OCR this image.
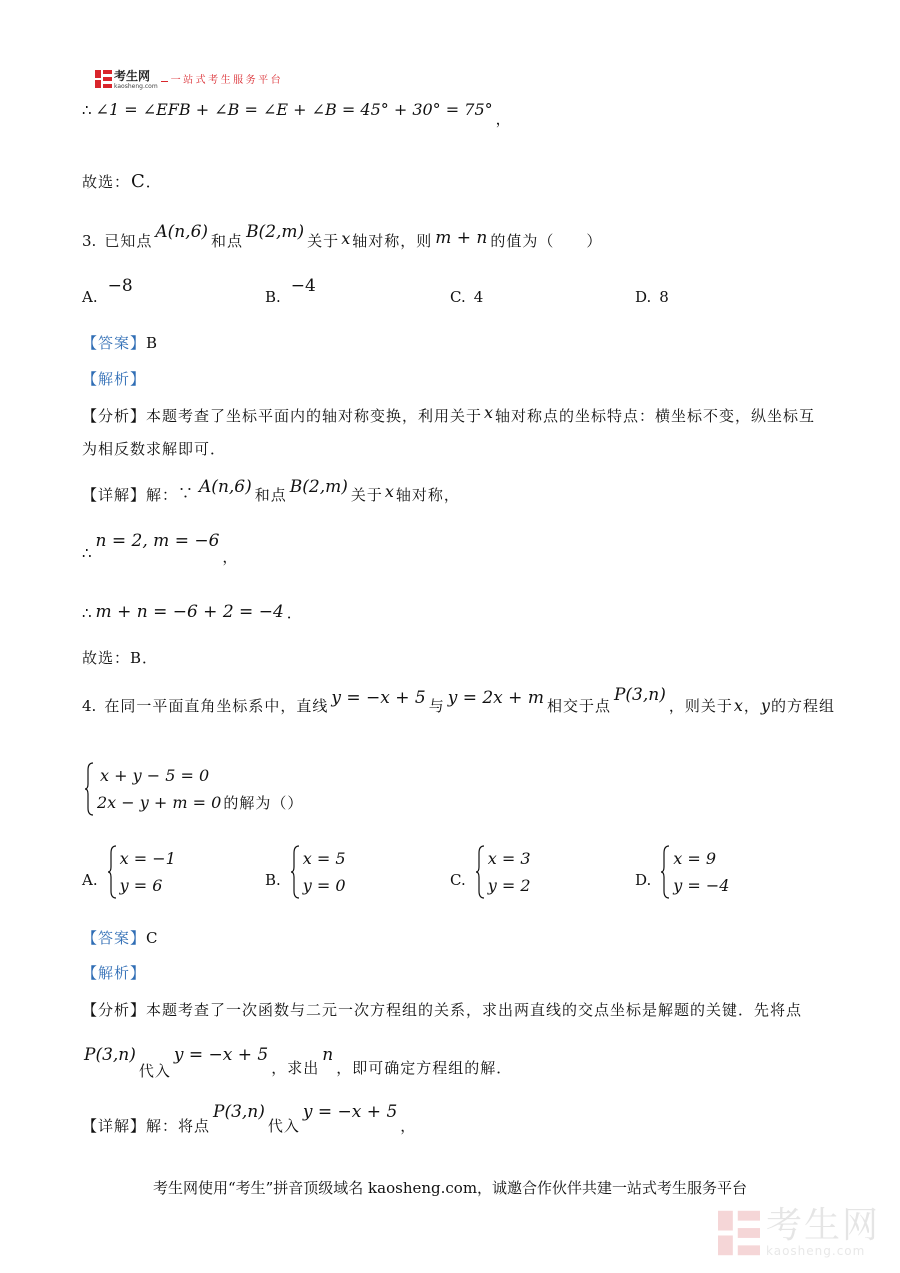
考生网
kaosheng.com
一站式考生服务平台
∴ ∠1 = ∠EFB + ∠B = ∠E + ∠B = 45° + 30° = 75° ，
故选：C．
3. 已知点 A(n,6) 和点 B(2,m) 关于 x 轴对称，则 m + n 的值为（　　）
A.−8
B.−4
C. 4	D. 8
【答案】B
【解析】
【分析】本题考查了坐标平面内的轴对称变换，利用关于 x 轴对称点的坐标特点：横坐标不变，纵坐标互
为相反数求解即可．
【详解】解：∵ A(n,6) 和点 B(2,m) 关于 x 轴对称，
∴n = 2, m = −6，
∴ m + n = −6 + 2 = −4 ．
故选：B．
4. 在同一平面直角坐标系中，直线 y = −x + 5 与 y = 2x + m 相交于点P(3,n)，则关于x，y的方程组
x + y − 5 = 0
2x − y + m = 0 的解为（）
A.
x = −1
y = 6	B.
x = 5
y = 0	C.
x = 3
y = 2	D.
x = 9
y = −4
【答案】C
【解析】
【分析】本题考查了一次函数与二元一次方程组的关系，求出两直线的交点坐标是解题的关键．先将点
P(3,n)代入y = −x + 5，求出n，即可确定方程组的解．
【详解】解：将点P(3,n)代入y = −x + 5，
考生网使用“考生”拼音顶级域名 kaosheng.com，诚邀合作伙伴共建一站式考生服务平台
考生网
kaosheng.com
